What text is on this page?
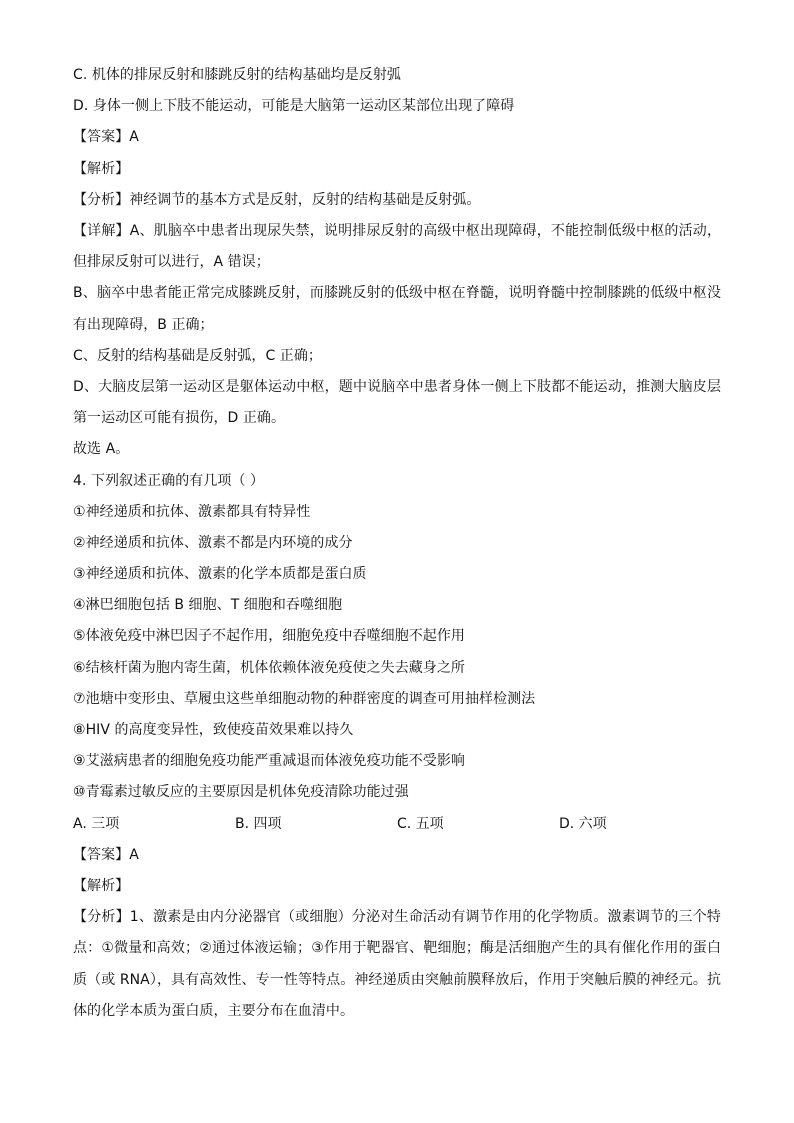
C. 机体的排尿反射和膝跳反射的结构基础均是反射弧
D. 身体一侧上下肢不能运动，可能是大脑第一运动区某部位出现了障碍
【答案】A
【解析】
【分析】神经调节的基本方式是反射，反射的结构基础是反射弧。
【详解】A、肌脑卒中患者出现尿失禁，说明排尿反射的高级中枢出现障碍，不能控制低级中枢的活动，但排尿反射可以进行，A 错误；
B、脑卒中患者能正常完成膝跳反射，而膝跳反射的低级中枢在脊髓，说明脊髓中控制膝跳的低级中枢没有出现障碍，B 正确；
C、反射的结构基础是反射弧，C 正确；
D、大脑皮层第一运动区是躯体运动中枢，题中说脑卒中患者身体一侧上下肢都不能运动，推测大脑皮层第一运动区可能有损伤，D 正确。
故选 A。
4. 下列叙述正确的有几项（ ）
①神经递质和抗体、激素都具有特异性
②神经递质和抗体、激素不都是内环境的成分
③神经递质和抗体、激素的化学本质都是蛋白质
④淋巴细胞包括 B 细胞、T 细胞和吞噬细胞
⑤体液免疫中淋巴因子不起作用，细胞免疫中吞噬细胞不起作用
⑥结核杆菌为胞内寄生菌，机体依赖体液免疫使之失去藏身之所
⑦池塘中变形虫、草履虫这些单细胞动物的种群密度的调查可用抽样检测法
⑧HIV 的高度变异性，致使疫苗效果难以持久
⑨艾滋病患者的细胞免疫功能严重减退而体液免疫功能不受影响
⑩青霉素过敏反应的主要原因是机体免疫清除功能过强
A. 三项	B. 四项	C. 五项	D. 六项
【答案】A
【解析】
【分析】1、激素是由内分泌器官（或细胞）分泌对生命活动有调节作用的化学物质。激素调节的三个特点：①微量和高效；②通过体液运输；③作用于靶器官、靶细胞；酶是活细胞产生的具有催化作用的蛋白质（或 RNA），具有高效性、专一性等特点。神经递质由突触前膜释放后，作用于突触后膜的神经元。抗体的化学本质为蛋白质，主要分布在血清中。
